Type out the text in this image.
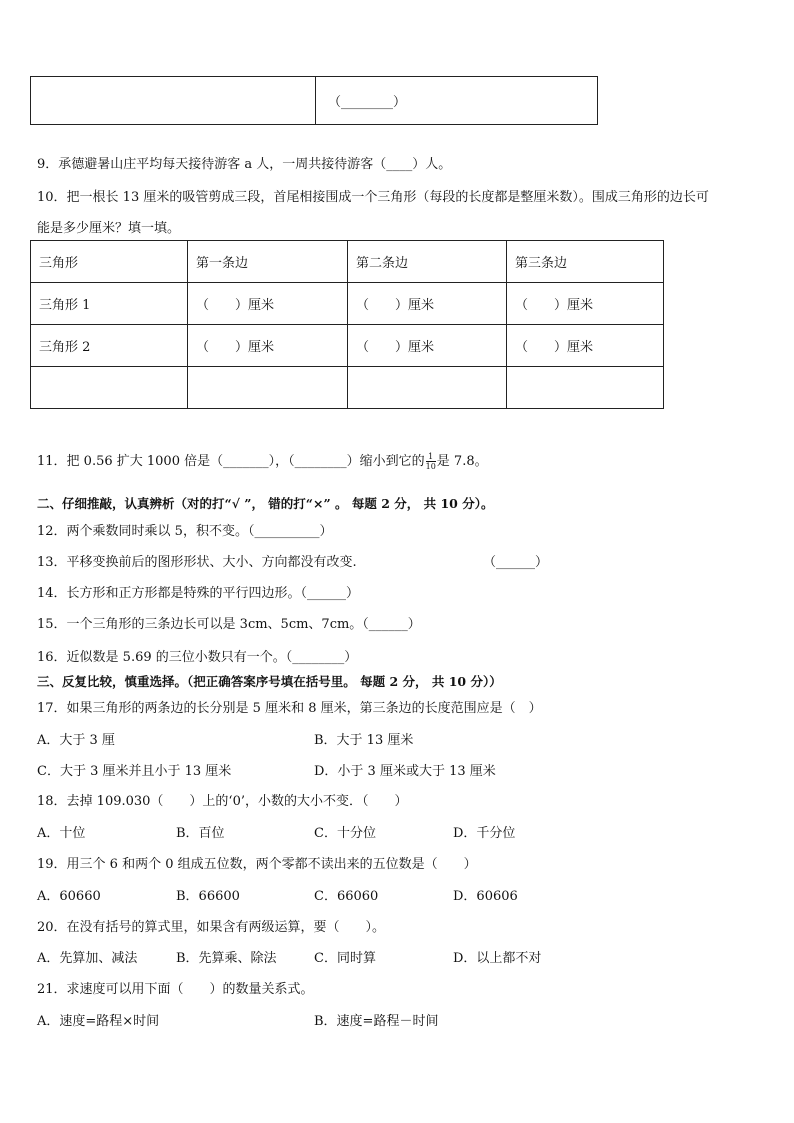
	（________）
9．承德避暑山庄平均每天接待游客 a 人，一周共接待游客（____）人。
10．把一根长 13 厘米的吸管剪成三段，首尾相接围成一个三角形（每段的长度都是整厘米数）。围成三角形的边长可
能是多少厘米？填一填。
三角形	第一条边	第二条边	第三条边
三角形 1	（　　）厘米	（　　）厘米	（　　）厘米
三角形 2	（　　）厘米	（　　）厘米	（　　）厘米

11．把 0.56 扩大 1000 倍是（_______），（________）缩小到它的 $\frac{1}{10}$ 是 7.8。
二、仔细推敲，认真辨析（对的打“√ ”， 错的打“×” 。 每题 2 分， 共 10 分）。
12．两个乘数同时乘以 5，积不变。（__________）
13．平移变换前后的图形形状、大小、方向都没有改变.	（______）
14．长方形和正方形都是特殊的平行四边形。（______）
15．一个三角形的三条边长可以是 3cm、5cm、7cm。（______）
16．近似数是 5.69 的三位小数只有一个。（________）
三、反复比较，慎重选择。（把正确答案序号填在括号里。 每题 2 分， 共 10 分））
17．如果三角形的两条边的长分别是 5 厘米和 8 厘米，第三条边的长度范围应是（　）
A．大于 3 厘	B．大于 13 厘米
C．大于 3 厘米并且小于 13 厘米	D．小于 3 厘米或大于 13 厘米
18．去掉 109.030（　　）上的‘0’，小数的大小不变．（　　）
A．十位	B．百位	C．十分位	D．千分位
19．用三个 6 和两个 0 组成五位数，两个零都不读出来的五位数是（　　）
A．60660	B．66600	C．66060	D．60606
20．在没有括号的算式里，如果含有两级运算，要（　　）。
A．先算加、减法	B．先算乘、除法	C．同时算	D．以上都不对
21．求速度可以用下面（　　）的数量关系式。
A．速度=路程×时间	B．速度=路程－时间
